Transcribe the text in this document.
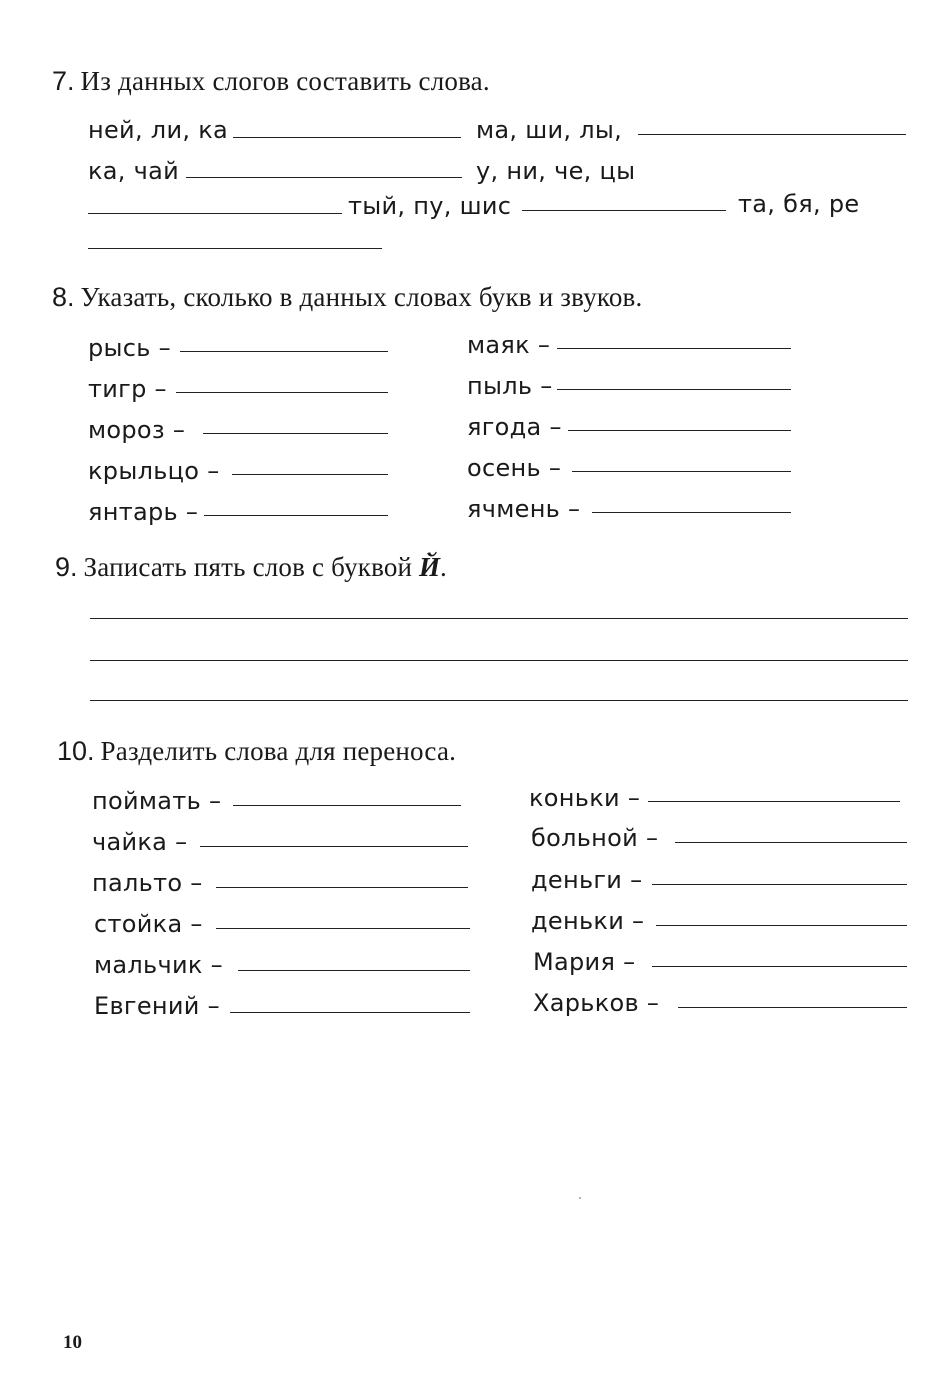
7. Из данных слогов составить слова.
ней, ли, ка	ма, ши, лы,
ка, чай	у, ни, че, цы
тый, пу, шис	та, бя, ре
8. Указать, сколько в данных словах букв и звуков.
рысь –
тигр –
мороз –
крыльцо –
янтарь –
маяк –
пыль –
ягода –
осень –
ячмень –
9. Записать пять слов с буквой Й.
10. Разделить слова для переноса.
поймать –
чайка –
пальто –
стойка –
мальчик –
Евгений –
коньки –
больной –
деньги –
деньки –
Мария –
Харьков –
10
